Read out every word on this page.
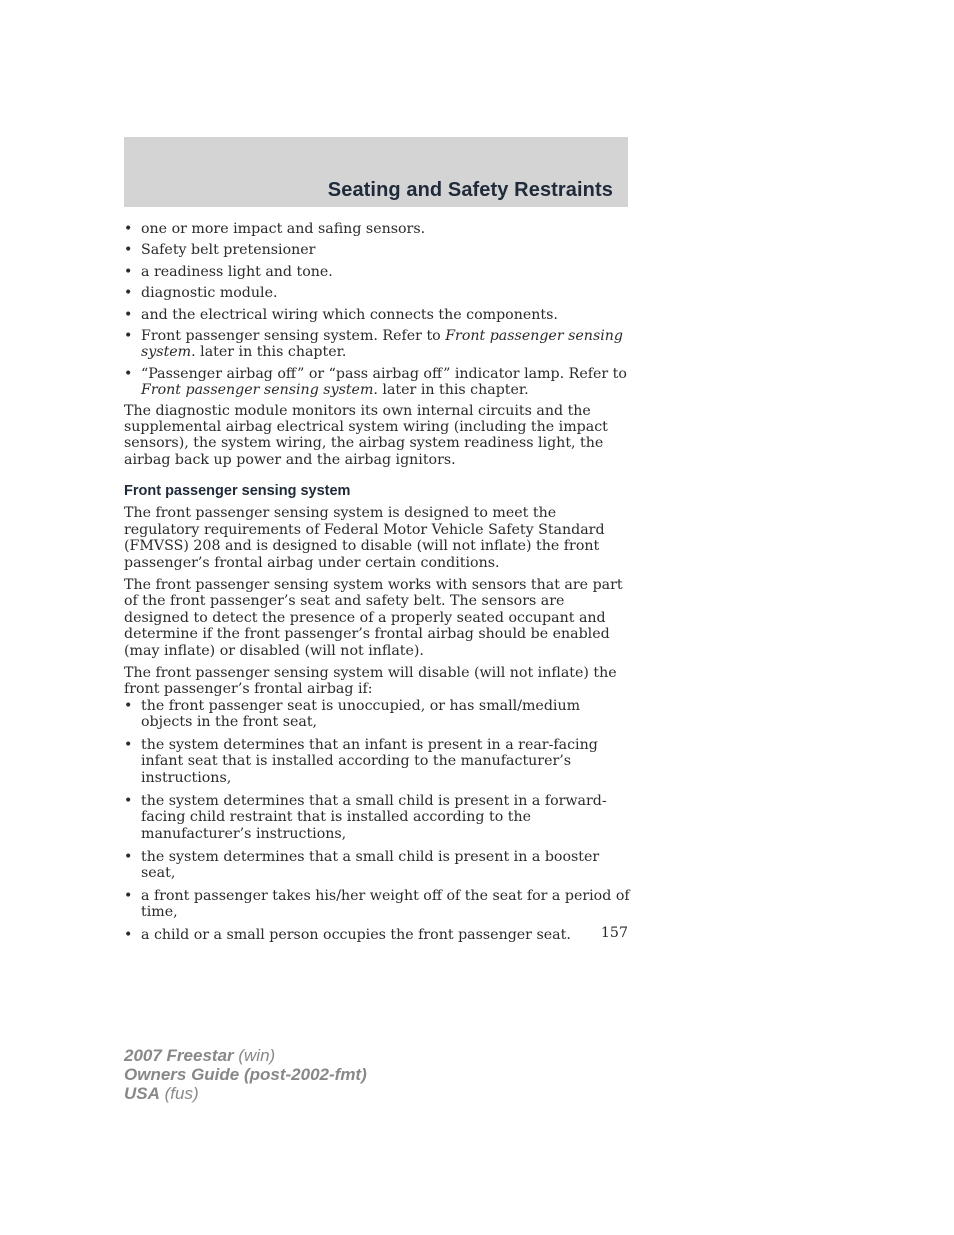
Seating and Safety Restraints
• one or more impact and safing sensors.
• Safety belt pretensioner
• a readiness light and tone.
• diagnostic module.
• and the electrical wiring which connects the components.
• Front passenger sensing system. Refer to Front passenger sensing system. later in this chapter.
• “Passenger airbag off” or “pass airbag off” indicator lamp. Refer to Front passenger sensing system. later in this chapter.

The diagnostic module monitors its own internal circuits and the supplemental airbag electrical system wiring (including the impact sensors), the system wiring, the airbag system readiness light, the airbag back up power and the airbag ignitors.

Front passenger sensing system

The front passenger sensing system is designed to meet the regulatory requirements of Federal Motor Vehicle Safety Standard (FMVSS) 208 and is designed to disable (will not inflate) the front passenger’s frontal airbag under certain conditions.

The front passenger sensing system works with sensors that are part of the front passenger’s seat and safety belt. The sensors are designed to detect the presence of a properly seated occupant and determine if the front passenger’s frontal airbag should be enabled (may inflate) or disabled (will not inflate).

The front passenger sensing system will disable (will not inflate) the front passenger’s frontal airbag if:

• the front passenger seat is unoccupied, or has small/medium objects in the front seat,
• the system determines that an infant is present in a rear-facing infant seat that is installed according to the manufacturer’s instructions,
• the system determines that a small child is present in a forward-facing child restraint that is installed according to the manufacturer’s instructions,
• the system determines that a small child is present in a booster seat,
• a front passenger takes his/her weight off of the seat for a period of time,
• a child or a small person occupies the front passenger seat.	157
2007 Freestar (win)
Owners Guide (post-2002-fmt)
USA (fus)
